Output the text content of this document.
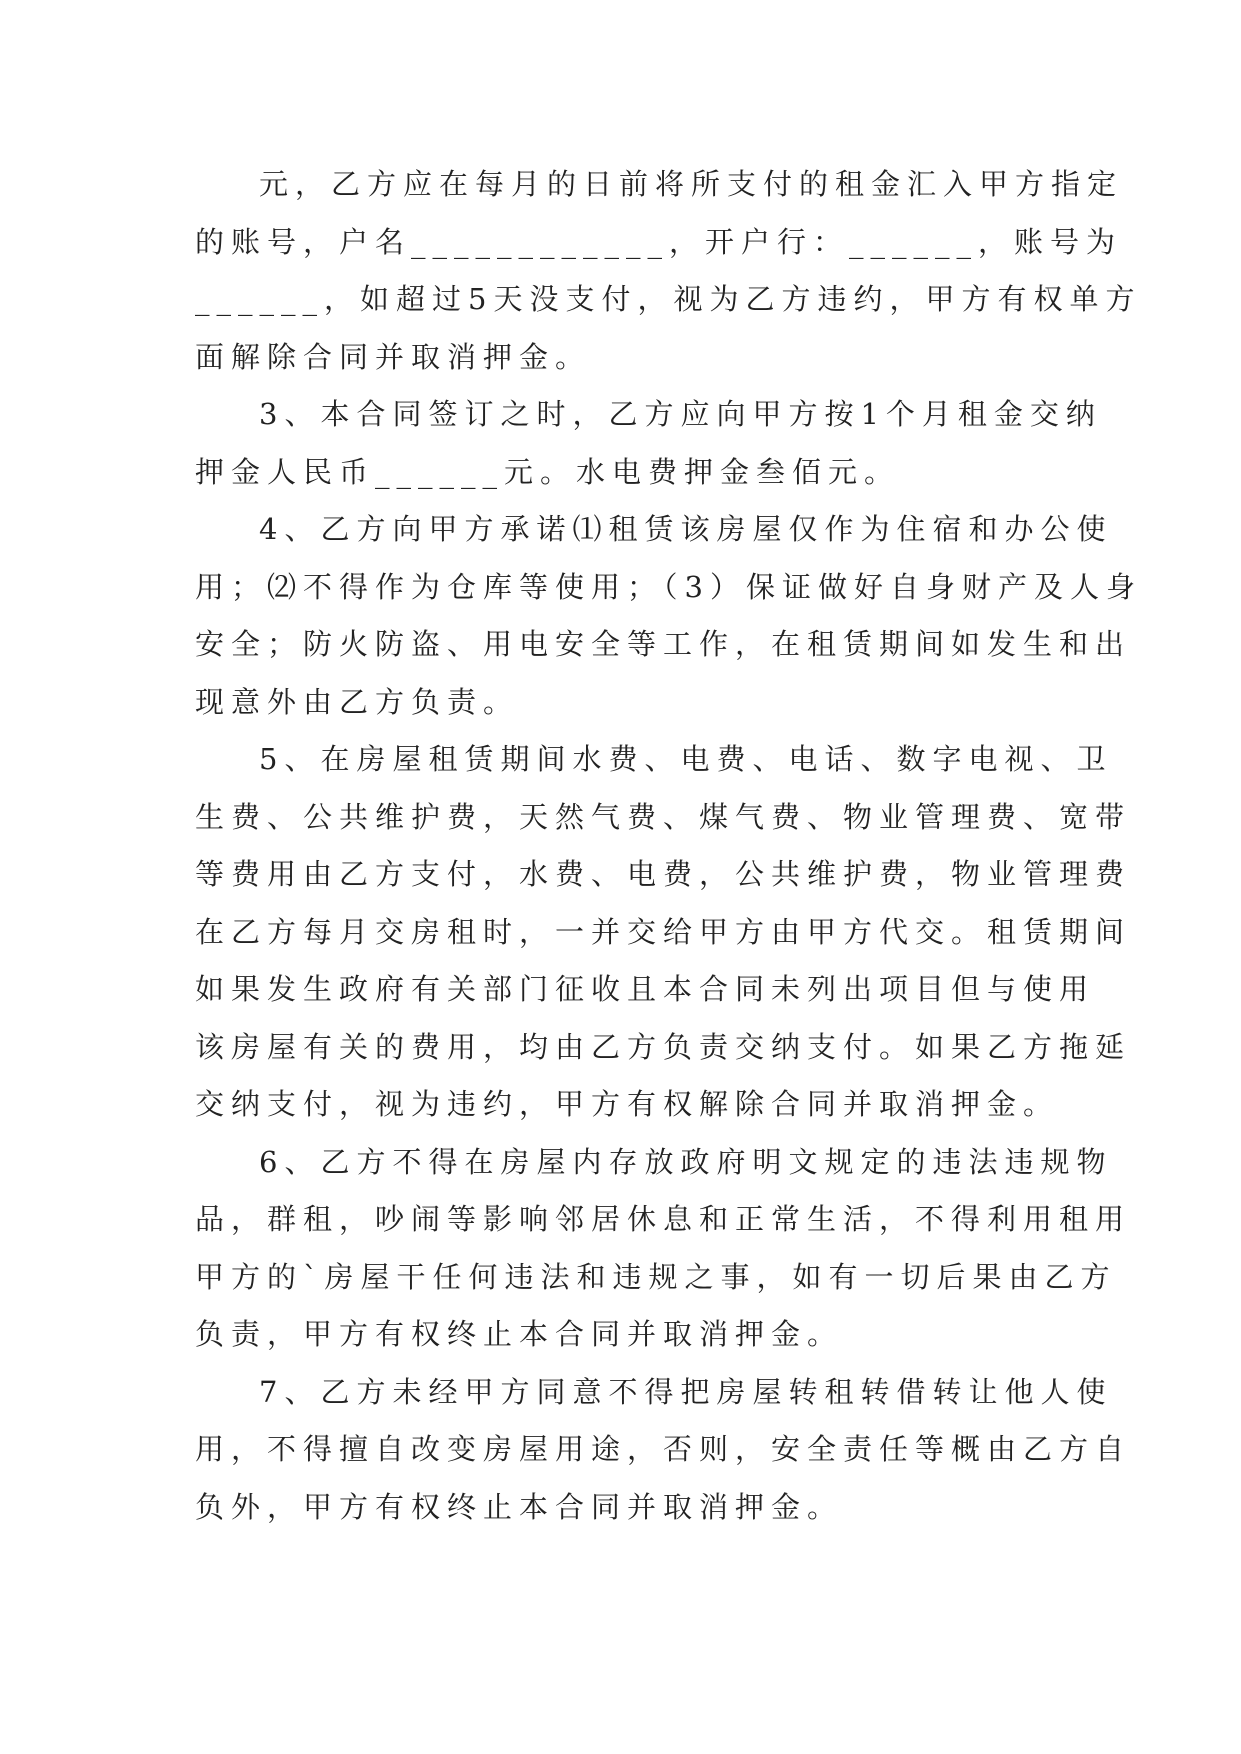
元，乙方应在每月的日前将所支付的租金汇入甲方指定
的账号，户名____________，开户行：______，账号为
______，如超过5天没支付，视为乙方违约，甲方有权单方
面解除合同并取消押金。
3、本合同签订之时，乙方应向甲方按1个月租金交纳
押金人民币______元。水电费押金叁佰元。
4、乙方向甲方承诺⑴租赁该房屋仅作为住宿和办公使
用；⑵不得作为仓库等使用；（3）保证做好自身财产及人身
安全；防火防盗、用电安全等工作，在租赁期间如发生和出
现意外由乙方负责。
5、在房屋租赁期间水费、电费、电话、数字电视、卫
生费、公共维护费，天然气费、煤气费、物业管理费、宽带
等费用由乙方支付，水费、电费，公共维护费，物业管理费
在乙方每月交房租时，一并交给甲方由甲方代交。租赁期间
如果发生政府有关部门征收且本合同未列出项目但与使用
该房屋有关的费用，均由乙方负责交纳支付。如果乙方拖延
交纳支付，视为违约，甲方有权解除合同并取消押金。
6、乙方不得在房屋内存放政府明文规定的违法违规物
品，群租，吵闹等影响邻居休息和正常生活，不得利用租用
甲方的`房屋干任何违法和违规之事，如有一切后果由乙方
负责，甲方有权终止本合同并取消押金。
7、乙方未经甲方同意不得把房屋转租转借转让他人使
用，不得擅自改变房屋用途，否则，安全责任等概由乙方自
负外，甲方有权终止本合同并取消押金。
